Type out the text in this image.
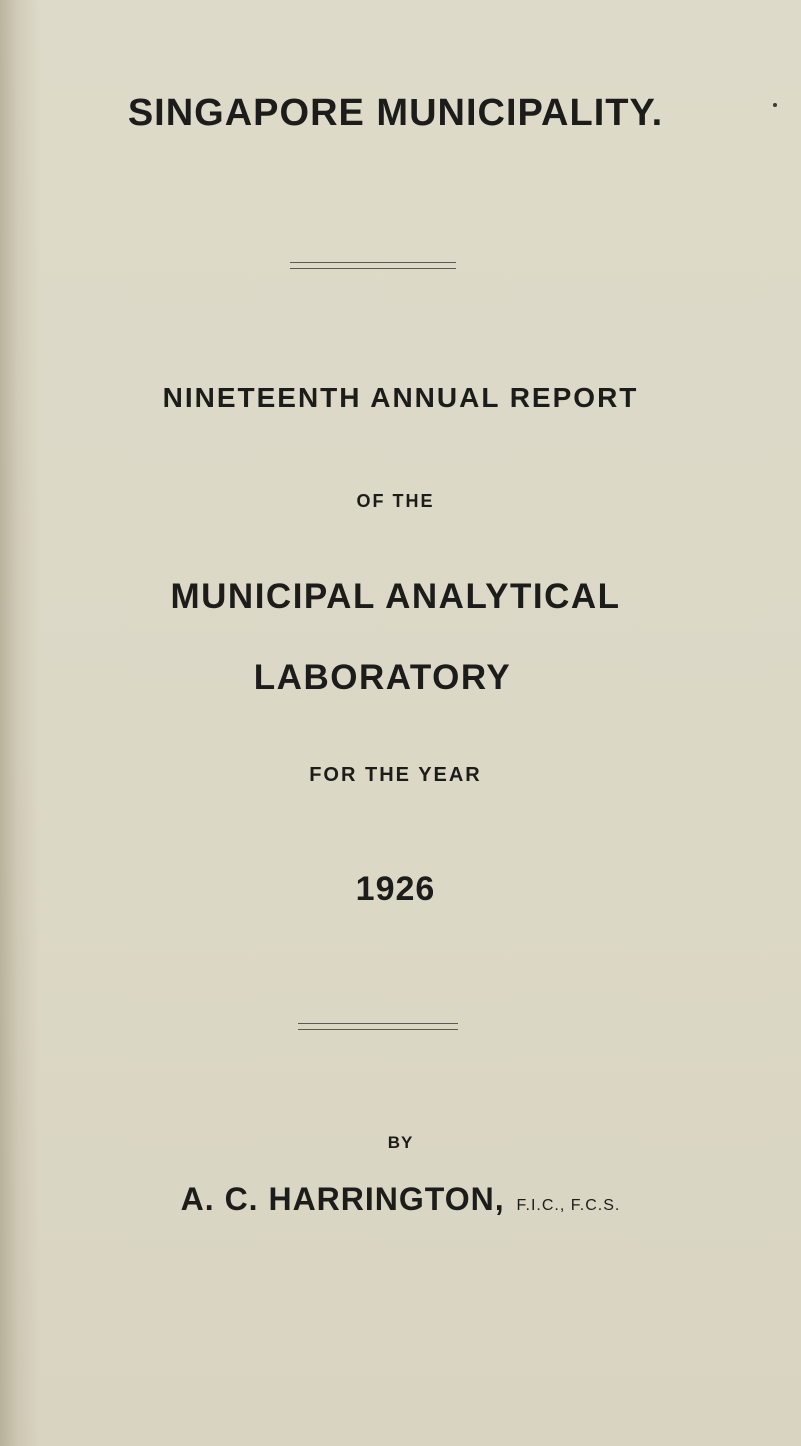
SINGAPORE MUNICIPALITY.
NINETEENTH ANNUAL REPORT
OF THE
MUNICIPAL ANALYTICAL
LABORATORY
FOR THE YEAR
1926
BY
A. C. HARRINGTON, F.I.C., F.C.S.
